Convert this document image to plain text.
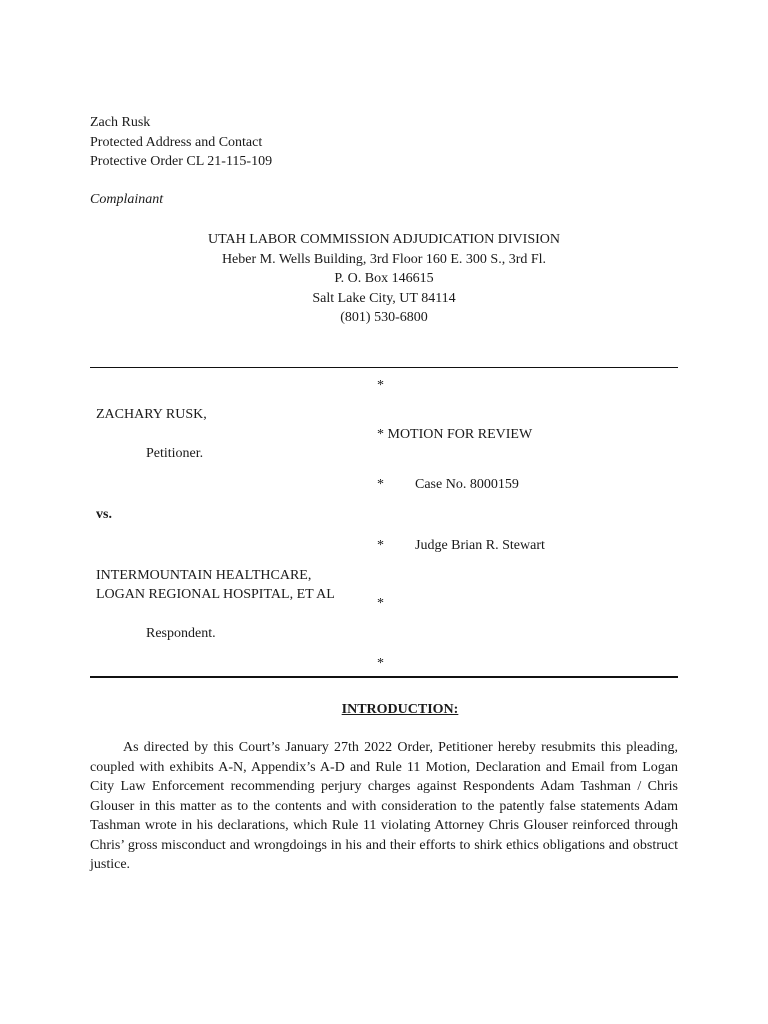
Zach Rusk
Protected Address and Contact
Protective Order CL 21-115-109
Complainant
UTAH LABOR COMMISSION ADJUDICATION DIVISION
Heber M. Wells Building, 3rd Floor 160 E. 300 S., 3rd Fl.
P. O. Box 146615
Salt Lake City, UT 84114
(801) 530-6800
ZACHARY RUSK,
Petitioner.
vs.
INTERMOUNTAIN HEALTHCARE,
LOGAN REGIONAL HOSPITAL, ET AL
Respondent.
*
* MOTION FOR REVIEW
* Case No. 8000159
* Judge Brian R. Stewart
*
*
INTRODUCTION:
As directed by this Court’s January 27th 2022 Order, Petitioner hereby resubmits this pleading, coupled with exhibits A-N, Appendix’s A-D and Rule 11 Motion, Declaration and Email from Logan City Law Enforcement recommending perjury charges against Respondents Adam Tashman / Chris Glouser in this matter as to the contents and with consideration to the patently false statements Adam Tashman wrote in his declarations, which Rule 11 violating Attorney Chris Glouser reinforced through Chris’ gross misconduct and wrongdoings in his and their efforts to shirk ethics obligations and obstruct justice.
